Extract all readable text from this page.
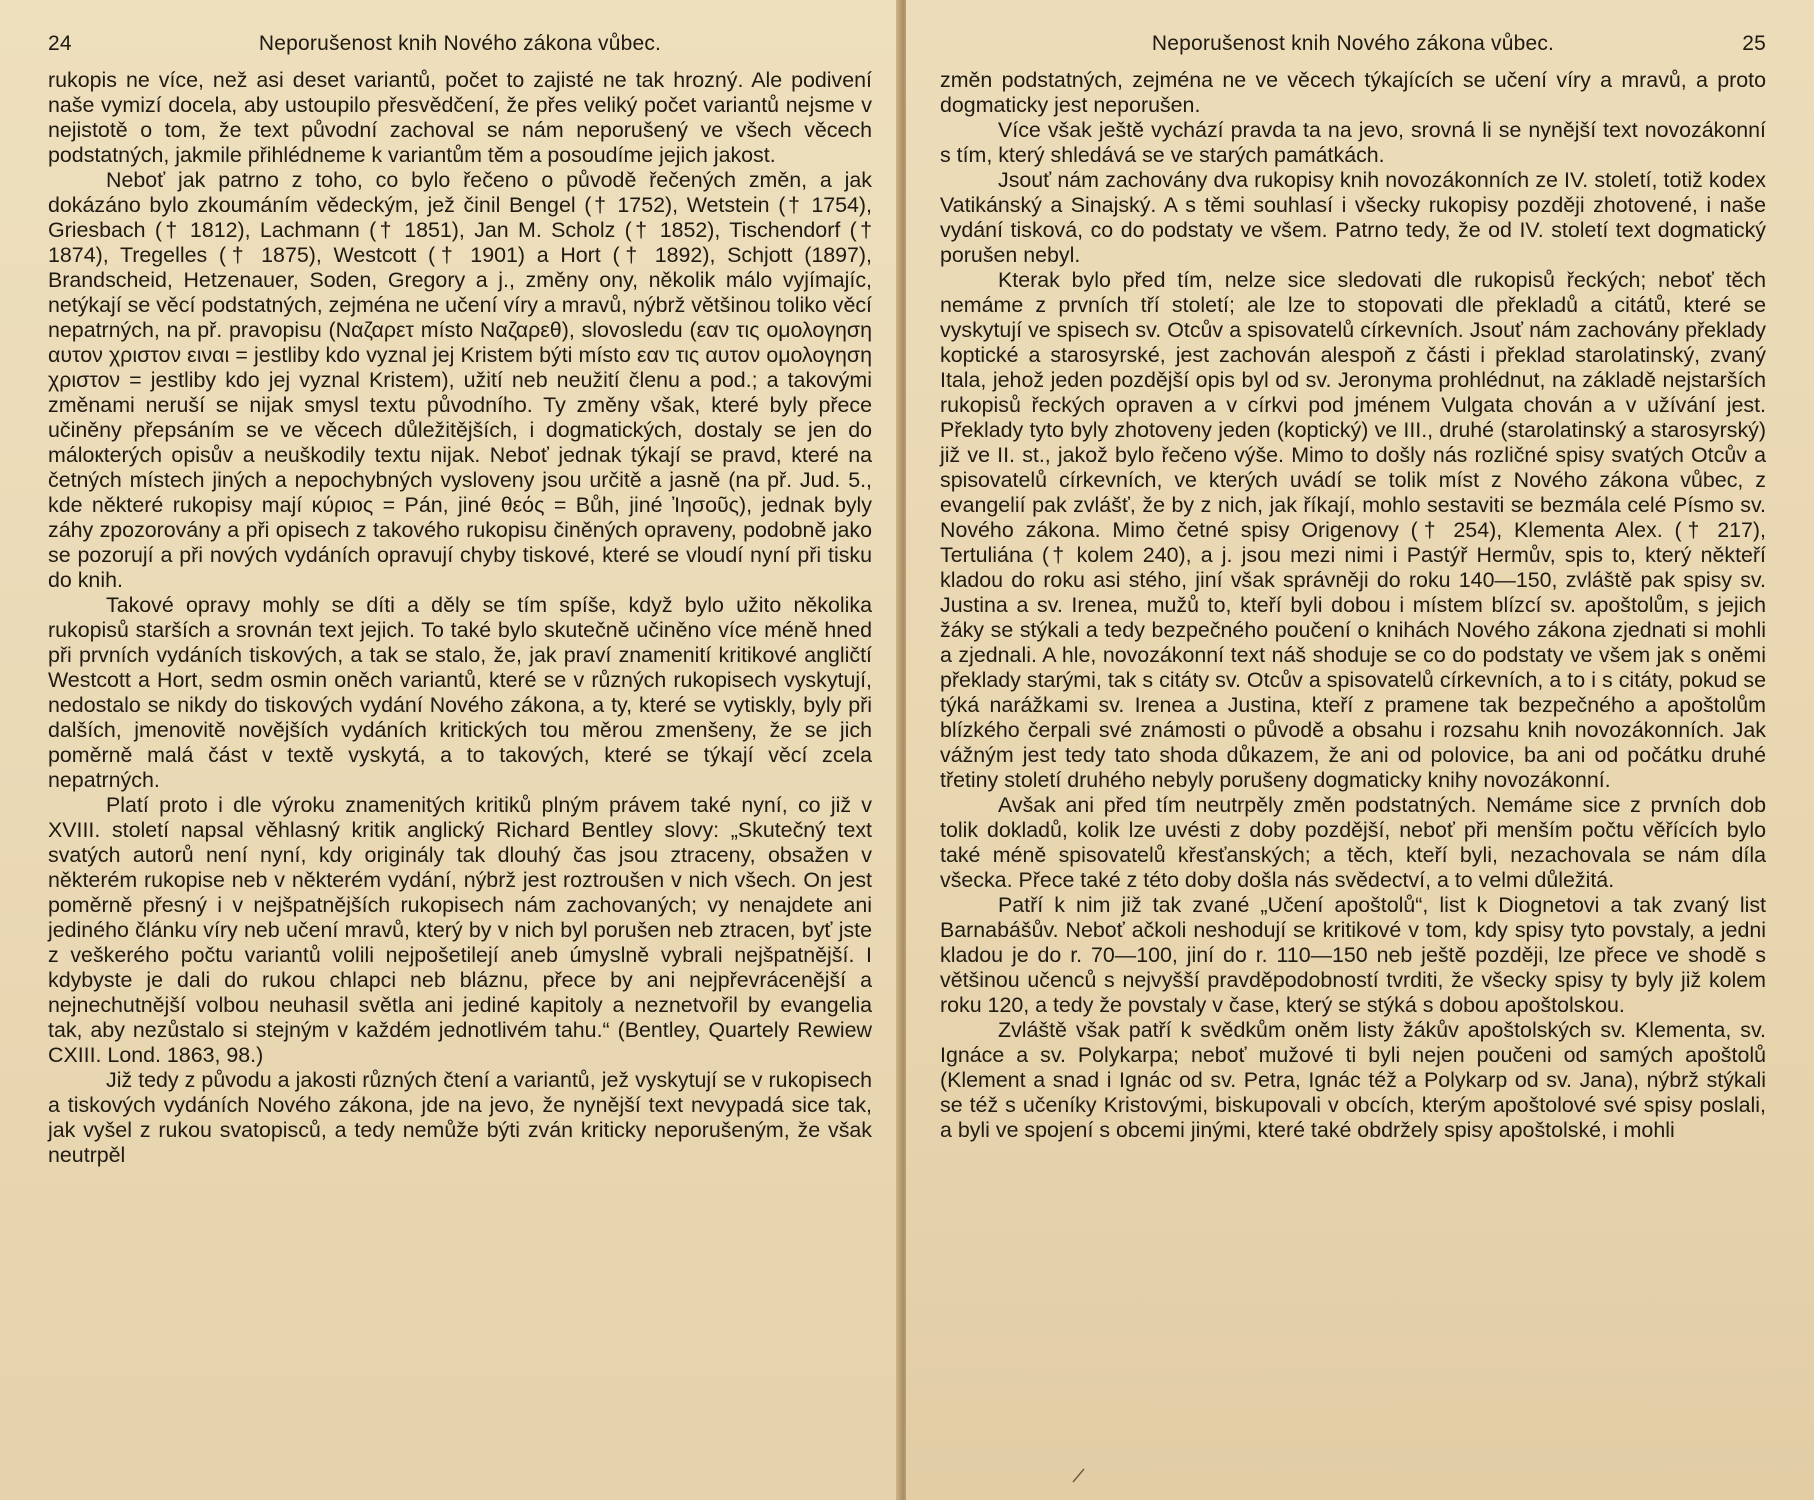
24	Neporušenost knih Nového zákona vůbec.

rukopis ne více, než asi deset variantů, počet to zajisté ne tak hrozný. Ale podivení naše vymizí docela, aby ustoupilo přesvědčení, že přes veliký počet variantů nejsme v nejistotě o tom, že text původní zachoval se nám neporušený ve všech věcech podstatných, jakmile přihlédneme k variantům těm a posoudíme jejich jakost.

Neboť jak patrno z toho, co bylo řečeno o původě řečených změn, a jak dokázáno bylo zkoumáním vědeckým, jež činil Bengel († 1752), Wetstein († 1754), Griesbach († 1812), Lachmann († 1851), Jan M. Scholz († 1852), Tischendorf († 1874), Tregelles († 1875), Westcott († 1901) a Hort († 1892), Schjott (1897), Brandscheid, Hetzenauer, Soden, Gregory a j., změny ony, několik málo vyjímajíc, netýkají se věcí podstatných, zejména ne učení víry a mravů, nýbrž většinou toliko věcí nepatrných, na př. pravopisu (Ναζαρετ místo Ναζαρεθ), slovosledu (εαν τις ομολογηση αυτον χριστον ειναι = jestliby kdo vyznal jej Kristem býti místo εαν τις αυτον ομολογηση χριστον = jestliby kdo jej vyznal Kristem), užití neb neužití členu a pod.; a takovými změnami neruší se nijak smysl textu původního. Ty změny však, které byly přece učiněny přepsáním se ve věcech důležitějších, i dogmatických, dostaly se jen do máloкterých opisův a neuškodily textu nijak. Neboť jednak týkají se pravd, které na četných místech jiných a nepochybných vysloveny jsou určitě a jasně (na př. Jud. 5., kde některé rukopisy mají κύριος = Pán, jiné θεός = Bůh, jiné Ἰησοῦς), jednak byly záhy zpozorovány a při opisech z takového rukopisu činěných opraveny, podobně jako se pozorují a při nových vydáních opravují chyby tiskové, které se vloudí nyní při tisku do knih.

Takové opravy mohly se díti a děly se tím spíše, když bylo užito několika rukopisů starších a srovnán text jejich. To také bylo skutečně učiněno více méně hned při prvních vydáních tiskových, a tak se stalo, že, jak praví znamenití kritikové angličtí Westcott a Hort, sedm osmin oněch variantů, které se v různých rukopisech vyskytují, nedostalo se nikdy do tiskových vydání Nového zákona, a ty, které se vytiskly, byly při dalších, jmenovitě novějších vydáních kritických tou měrou zmenšeny, že se jich poměrně malá část v textě vyskytá, a to takových, které se týkají věcí zcela nepatrných.

Platí proto i dle výroku znamenitých kritiků plným právem také nyní, co již v XVIII. století napsal věhlasný kritik anglický Richard Bentley slovy: „Skutečný text svatých autorů není nyní, kdy originály tak dlouhý čas jsou ztraceny, obsažen v některém rukopise neb v některém vydání, nýbrž jest roztroušen v nich všech. On jest poměrně přesný i v nejšpatnějších rukopisech nám zachovaných; vy nenajdete ani jediného článku víry neb učení mravů, který by v nich byl porušen neb ztracen, byť jste z veškerého počtu variantů volili nejpošetilejí aneb úmyslně vybrali nejšpatnější. I kdybyste je dali do rukou chlapci neb bláznu, přece by ani nejpřevrácenější a nejnechutnější volbou neuhasil světla ani jediné kapitoly a neznetvořil by evangelia tak, aby nezůstalo si stejným v každém jednotlivém tahu.“ (Bentley, Quartely Rewiew CXIII. Lond. 1863, 98.)

Již tedy z původu a jakosti různých čtení a variantů, jež vyskytují se v rukopisech a tiskových vydáních Nového zákona, jde na jevo, že nynější text nevypadá sice tak, jak vyšel z rukou svatopisců, a tedy nemůže býti zván kriticky neporušeným, že však neutrpěl

Neporušenost knih Nového zákona vůbec.	25

změn podstatných, zejména ne ve věcech týkajících se učení víry a mravů, a proto dogmaticky jest neporušen.

Více však ještě vychází pravda ta na jevo, srovná li se nynější text novozákonní s tím, který shledává se ve starých památkách.

Jsouť nám zachovány dva rukopisy knih novozákonních ze IV. století, totiž kodex Vatikánský a Sinajský. A s těmi souhlasí i všecky rukopisy později zhotovené, i naše vydání tisková, co do podstaty ve všem. Patrno tedy, že od IV. století text dogmatický porušen nebyl.

Kterak bylo před tím, nelze sice sledovati dle rukopisů řeckých; neboť těch nemáme z prvních tří století; ale lze to stopovati dle překladů a citátů, které se vyskytují ve spisech sv. Otcův a spisovatelů církevních. Jsouť nám zachovány překlady koptické a starosyrské, jest zachován alespoň z části i překlad starolatinský, zvaný Itala, jehož jeden pozdější opis byl od sv. Jeronyma prohlédnut, na základě nejstarších rukopisů řeckých opraven a v církvi pod jménem Vulgata chován a v užívání jest. Překlady tyto byly zhotoveny jeden (koptický) ve III., druhé (starolatinský a starosyrský) již ve II. st., jakož bylo řečeno výše. Mimo to došly nás rozličné spisy svatých Otcův a spisovatelů církevních, ve kterých uvádí se tolik míst z Nového zákona vůbec, z evangelií pak zvlášť, že by z nich, jak říkají, mohlo sestaviti se bezmála celé Písmo sv. Nového zákona. Mimo četné spisy Origenovy († 254), Klementa Alex. († 217), Tertuliána († kolem 240), a j. jsou mezi nimi i Pastýř Hermův, spis to, který někteří kladou do roku asi stého, jiní však správněji do roku 140—150, zvláště pak spisy sv. Justina a sv. Irenea, mužů to, kteří byli dobou i místem blízcí sv. apoštolům, s jejich žáky se stýkali a tedy bezpečného poučení o knihách Nového zákona zjednati si mohli a zjednali. A hle, novozákonní text náš shoduje se co do podstaty ve všem jak s oněmi překlady starými, tak s citáty sv. Otcův a spisovatelů církevních, a to i s citáty, pokud se týká narážkami sv. Irenea a Justina, kteří z pramene tak bezpečného a apoštolům blízkého čerpali své známosti o původě a obsahu i rozsahu knih novozákonních. Jak vážným jest tedy tato shoda důkazem, že ani od polovice, ba ani od počátku druhé třetiny století druhého nebyly porušeny dogmaticky knihy novozákonní.

Avšak ani před tím neutrpěly změn podstatných. Nemáme sice z prvních dob tolik dokladů, kolik lze uvésti z doby pozdější, neboť při menším počtu věřících bylo také méně spisovatelů křesťanských; a těch, kteří byli, nezachovala se nám díla všecka. Přece také z této doby došla nás svědectví, a to velmi důležitá.

Patří k nim již tak zvané „Učení apoštolů“, list k Diognetovi a tak zvaný list Barnabášův. Neboť ačkoli neshodují se kritikové v tom, kdy spisy tyto povstaly, a jedni kladou je do r. 70—100, jiní do r. 110—150 neb ještě později, lze přece ve shodě s většinou učenců s nejvyšší pravděpodobností tvrditi, že všecky spisy ty byly již kolem roku 120, a tedy že povstaly v čase, který se stýká s dobou apoštolskou.

Zvláště však patří k svědkům oněm listy žákův apoštolských sv. Klementa, sv. Ignáce a sv. Polykarpa; neboť mužové ti byli nejen poučeni od samých apoštolů (Klement a snad i Ignác od sv. Petra, Ignác též a Polykarp od sv. Jana), nýbrž stýkali se též s učeníky Kristovými, biskupovali v obcích, kterým apoštolové své spisy poslali, a byli ve spojení s obcemi jinými, které také obdržely spisy apoštolské, i mohli
